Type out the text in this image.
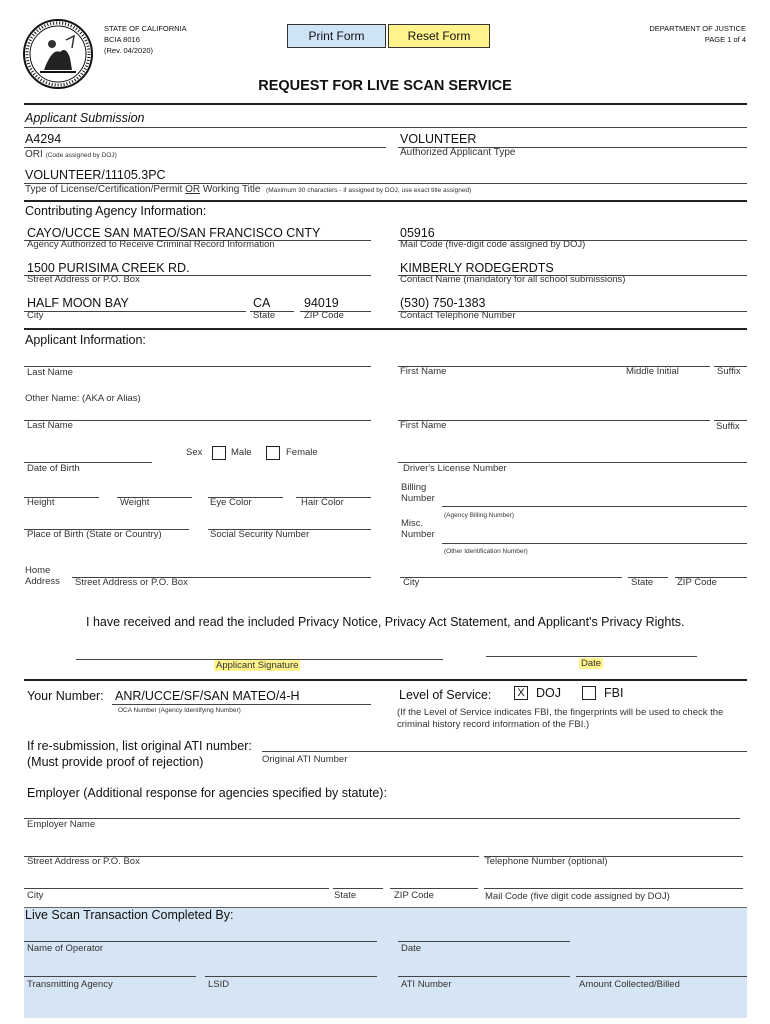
STATE OF CALIFORNIA
BCIA 8016
(Rev. 04/2020)
Print Form	Reset Form
DEPARTMENT OF JUSTICE
PAGE 1 of 4
REQUEST FOR LIVE SCAN SERVICE
Applicant Submission
A4294
ORI (Code assigned by DOJ)
VOLUNTEER
Authorized Applicant Type
VOLUNTEER/11105.3PC
Type of License/Certification/Permit OR Working Title (Maximum 30 characters - if assigned by DOJ, use exact title assigned)
Contributing Agency Information:
CAYO/UCCE SAN MATEO/SAN FRANCISCO CNTY
Agency Authorized to Receive Criminal Record Information
05916
Mail Code (five-digit code assigned by DOJ)
1500 PURISIMA CREEK RD.
Street Address or P.O. Box
KIMBERLY RODEGERDTS
Contact Name (mandatory for all school submissions)
HALF MOON BAY
City
CA
State
94019
ZIP Code
(530) 750-1383
Contact Telephone Number
Applicant Information:
Last Name	First Name	Middle Initial	Suffix
Other Name: (AKA or Alias)
Last Name	First Name	Suffix
Sex	Male	Female
Date of Birth	Driver's License Number
Billing
Number
(Agency Billing Number)
Height	Weight	Eye Color	Hair Color
Misc.
Number
(Other Identification Number)
Place of Birth (State or Country)	Social Security Number
Home
Address Street Address or P.O. Box	City	State	ZIP Code
I have received and read the included Privacy Notice, Privacy Act Statement, and Applicant's Privacy Rights.
Applicant Signature	Date
Your Number: ANR/UCCE/SF/SAN MATEO/4-H
OCA Number (Agency Identifying Number)
Level of Service:	X DOJ	FBI
(If the Level of Service indicates FBI, the fingerprints will be used to check the
criminal history record information of the FBI.)
If re-submission, list original ATI number:
(Must provide proof of rejection)	Original ATI Number
Employer (Additional response for agencies specified by statute):
Employer Name
Street Address or P.O. Box	Telephone Number (optional)
City	State	ZIP Code	Mail Code (five digit code assigned by DOJ)
Live Scan Transaction Completed By:
Name of Operator	Date
Transmitting Agency	LSID	ATI Number	Amount Collected/Billed
